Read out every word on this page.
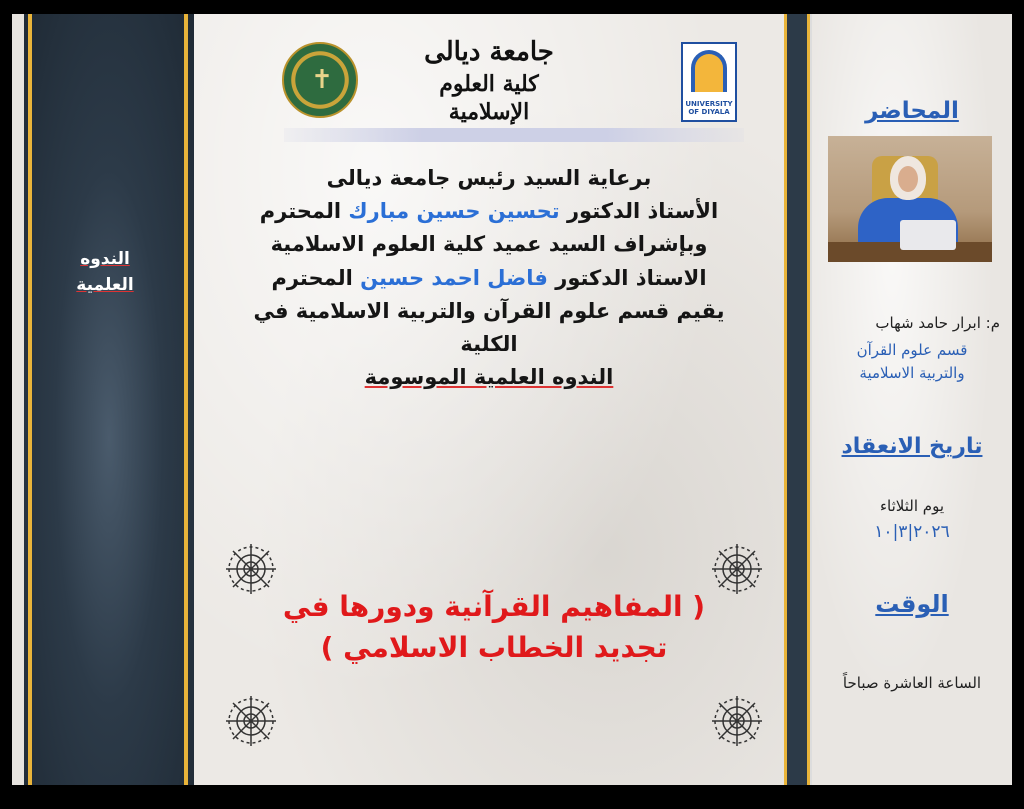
الندوه
العلمية
✝
جامعة ديالى
كلية العلوم الإسلامية	UNIVERSITY OF DIYALA
برعاية السيد رئيس جامعة ديالى
الأستاذ الدكتور تحسين حسين مبارك المحترم
وبإشراف السيد عميد كلية العلوم الاسلامية
الاستاذ الدكتور فاضل احمد حسين المحترم
يقيم قسم علوم القرآن والتربية الاسلامية في
الكلية
الندوه العلمية الموسومة
( المفاهيم القرآنية ودورها في
تجديد الخطاب الاسلامي )
المحاضر
م: ابرار حامد شهاب
قسم علوم القرآن
والتربية الاسلامية
تاريخ الانعقاد
يوم الثلاثاء
٢٠٢٦|٣|١٠
الوقت
الساعة العاشرة صباحاً
